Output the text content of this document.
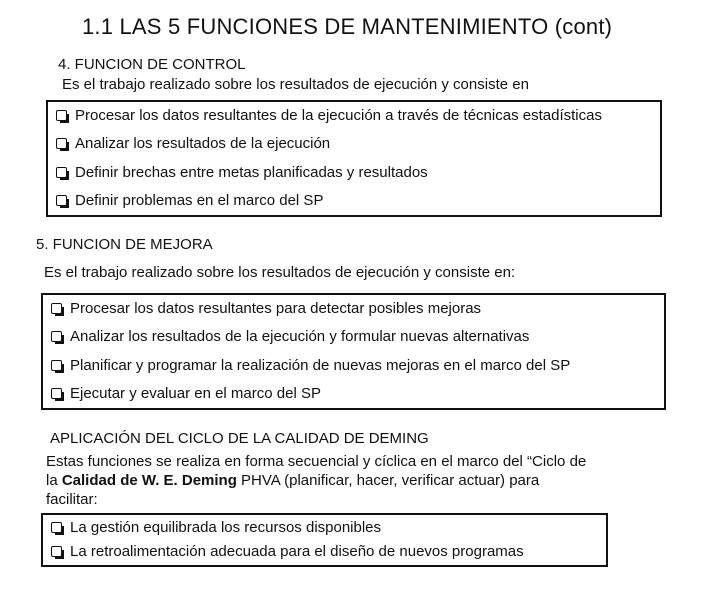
1.1 LAS 5 FUNCIONES DE MANTENIMIENTO (cont)
4. FUNCION DE CONTROL
Es el trabajo realizado sobre los resultados de ejecución y consiste en
Procesar los datos resultantes de la ejecución a través de técnicas estadísticas
Analizar los resultados de la ejecución
Definir brechas entre metas planificadas y resultados
Definir problemas en el marco del SP
5. FUNCION DE MEJORA
Es el trabajo realizado sobre los resultados de ejecución y consiste en:
Procesar los datos resultantes para detectar posibles mejoras
Analizar los resultados de la ejecución y formular nuevas alternativas
Planificar y programar la realización de nuevas mejoras en el marco del SP
Ejecutar y evaluar en el marco del SP
APLICACIÓN DEL CICLO DE LA CALIDAD DE DEMING
Estas funciones se realiza en forma secuencial y cíclica en el marco del “Ciclo de
la Calidad de W. E. Deming PHVA (planificar, hacer, verificar actuar) para
facilitar:
La gestión equilibrada los recursos disponibles
La retroalimentación adecuada para el diseño de nuevos programas
